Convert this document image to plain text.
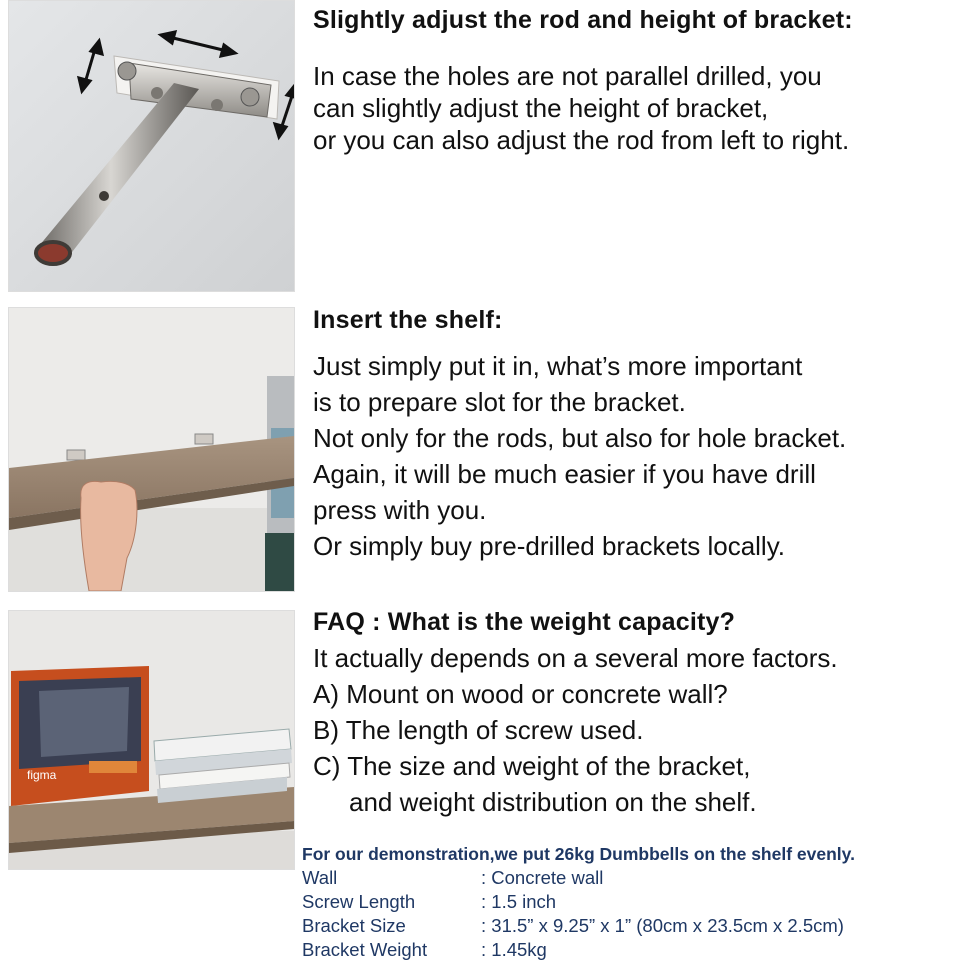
figma
Slightly adjust the rod and height of bracket:

In case the holes are not parallel drilled, you

can slightly adjust the height of bracket,

or you can also adjust the rod from left to right.

Insert the shelf:

Just simply put it in, what’s more important

is to prepare slot for the bracket.

Not only for the rods, but also for hole bracket.

Again, it will be much easier if you have drill

press with you.

Or simply buy pre-drilled brackets locally.

FAQ : What is the weight capacity?

It actually depends on a several more factors.

A) Mount on wood or concrete wall?

B) The length of screw used.

C) The size and weight of the bracket,

and weight distribution on the shelf.

For our demonstration,we put 26kg Dumbbells on the shelf evenly.
Wall	: Concrete wall
Screw Length	: 1.5 inch
Bracket Size	: 31.5” x 9.25” x 1” (80cm x 23.5cm x 2.5cm)
Bracket Weight	: 1.45kg
